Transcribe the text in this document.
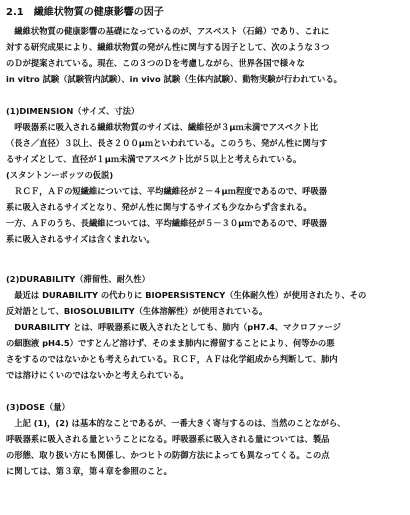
2.1　繊維状物質の健康影響の因子
　繊維状物質の健康影響の基礎になっているのが、アスベスト（石綿）であり、これに
対する研究成果により、繊維状物質の発がん性に関与する因子として、次のような３つ
のＤが提案されている。現在、この３つのＤを考慮しながら、世界各国で様々な
in vitro 試験（試験管内試験）、in vivo 試験（生体内試験）、動物実験が行われている。
(1)DIMENSION（サイズ、寸法）
　呼吸器系に吸入される繊維状物質のサイズは、繊維径が３μｍ未満でアスペクト比
（長さ／直径）３以上、長さ２００μｍといわれている。このうち、発がん性に関与す
るサイズとして、直径が１μｍ未満でアスペクト比が５以上と考えられている。
(スタントンーポッツの仮説)
　ＲＣＦ，ＡＦの短繊維については、平均繊維径が２－４μｍ程度であるので、呼吸器
系に吸入されるサイズとなり、発がん性に関与するサイズも少なからず含まれる。
一方、ＡＦのうち、長繊維については、平均繊維径が５－３０μｍであるので、呼吸器
系に吸入されるサイズは含くまれない。
(2)DURABILITY（滞留性、耐久性）
　最近は DURABILITY の代わりに BIOPERSISTENCY（生体耐久性）が使用されたり、その
反対語として、BIOSOLUBILITY（生体溶解性）が使用されている。
　DURABILITY とは、呼吸器系に吸入されたとしても、肺内（pH7.4、マクロファージ
の細胞液 pH4.5）ですとんど溶けず、そのまま肺内に滞留することにより、何等かの悪
さをするのではないかとも考えられている。ＲＣＦ，ＡＦは化学組成から判断して、肺内
では溶けにくいのではないかと考えられている。
(3)DOSE（量）
　上記 (1)，(2) は基本的なことであるが、一番大きく寄与するのは、当然のことながら、
呼吸器系に吸入される量ということになる。呼吸器系に吸入される量については、製品
の形態、取り扱い方にも関係し、かつヒトの防御方法によっても異なってくる。この点
に関しては、第３章，第４章を参照のこと。
